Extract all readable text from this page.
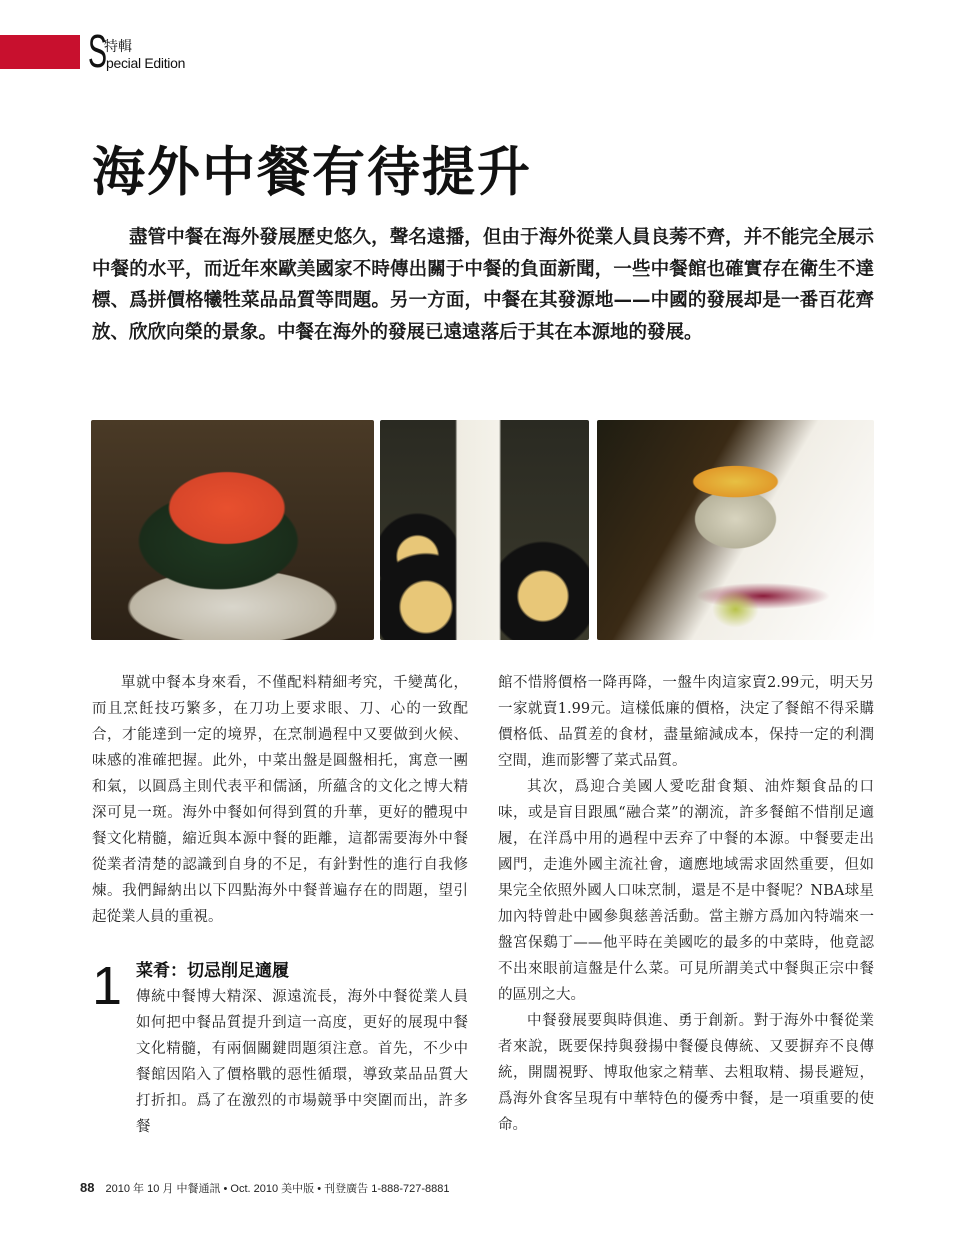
S
特輯
pecial Edition
海外中餐有待提升

盡管中餐在海外發展歷史悠久，聲名遠播，但由于海外從業人員良莠不齊，并不能完全展示中餐的水平，而近年來歐美國家不時傳出關于中餐的負面新聞，一些中餐館也確實存在衛生不達標、爲拼價格犧牲菜品品質等問題。另一方面，中餐在其發源地——中國的發展却是一番百花齊放、欣欣向榮的景象。中餐在海外的發展已遠遠落后于其在本源地的發展。

單就中餐本身來看，不僅配料精細考究，千變萬化，而且烹飪技巧繁多，在刀功上要求眼、刀、心的一致配合，才能達到一定的境界，在烹制過程中又要做到火候、味感的准確把握。此外，中菜出盤是圓盤相托，寓意一團和氣，以圓爲主則代表平和儒涵，所蘊含的文化之博大精深可見一斑。海外中餐如何得到質的升華，更好的體現中餐文化精髓，縮近與本源中餐的距離，這都需要海外中餐從業者清楚的認識到自身的不足，有針對性的進行自我修煉。我們歸納出以下四點海外中餐普遍存在的問題，望引起從業人員的重視。

1 菜肴：切忌削足適履

傳統中餐博大精深、源遠流長，海外中餐從業人員如何把中餐品質提升到這一高度，更好的展現中餐文化精髓，有兩個關鍵問題須注意。首先，不少中餐館因陷入了價格戰的惡性循環，導致菜品品質大打折扣。爲了在激烈的市場競爭中突圍而出，許多餐

館不惜將價格一降再降，一盤牛肉這家賣2.99元，明天另一家就賣1.99元。這樣低廉的價格，決定了餐館不得采購價格低、品質差的食材，盡量縮減成本，保持一定的利潤空間，進而影響了菜式品質。

其次，爲迎合美國人愛吃甜食類、油炸類食品的口味，或是盲目跟風“融合菜”的潮流，許多餐館不惜削足適履，在洋爲中用的過程中丟弃了中餐的本源。中餐要走出國門，走進外國主流社會，適應地域需求固然重要，但如果完全依照外國人口味烹制，還是不是中餐呢？NBA球星加內特曾赴中國參與慈善活動。當主辦方爲加內特端來一盤宮保鷄丁——他平時在美國吃的最多的中菜時，他竟認不出來眼前這盤是什么菜。可見所謂美式中餐與正宗中餐的區別之大。

中餐發展要與時俱進、勇于創新。對于海外中餐從業者來說，既要保持與發揚中餐優良傳統、又要摒弃不良傳統，開闊視野、博取他家之精華、去粗取精、揚長避短，爲海外食客呈現有中華特色的優秀中餐，是一項重要的使命。

88 2010 年 10 月 中餐通訊 • Oct. 2010 美中版 • 刊登廣告 1-888-727-8881
